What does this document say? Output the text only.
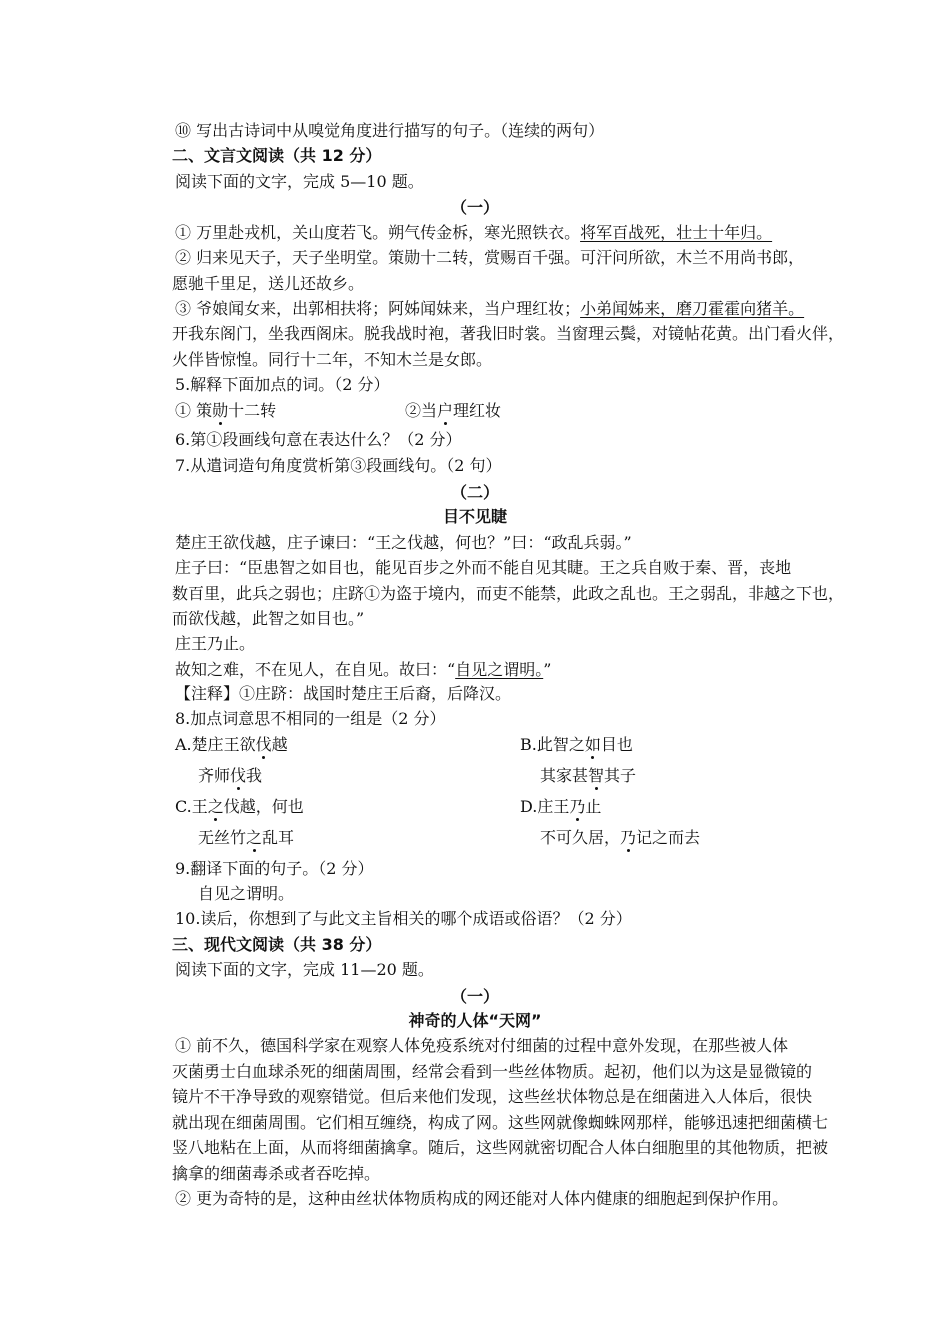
⑩ 写出古诗词中从嗅觉角度进行描写的句子。（连续的两句）
二、文言文阅读（共 12 分）
阅读下面的文字，完成 5—10 题。
（一）
① 万里赴戎机，关山度若飞。朔气传金柝，寒光照铁衣。将军百战死，壮士十年归。
② 归来见天子，天子坐明堂。策勋十二转，赏赐百千强。可汗问所欲，木兰不用尚书郎，
愿驰千里足，送儿还故乡。
③ 爷娘闻女来，出郭相扶将；阿姊闻妹来，当户理红妆；小弟闻姊来，磨刀霍霍向猪羊。
开我东阁门，坐我西阁床。脱我战时袍，著我旧时裳。当窗理云鬓，对镜帖花黄。出门看火伴，
火伴皆惊惶。同行十二年，不知木兰是女郎。
5.解释下面加点的词。（2 分）
① 策勋十二转	②当户理红妆
6.第①段画线句意在表达什么？（2 分）
7.从遣词造句角度赏析第③段画线句。（2 句）
（二）
目不见睫
楚庄王欲伐越，庄子谏曰：“王之伐越，何也？”曰：“政乱兵弱。”
庄子曰：“臣患智之如目也，能见百步之外而不能自见其睫。王之兵自败于秦、晋，丧地
数百里，此兵之弱也；庄跻①为盗于境内，而吏不能禁，此政之乱也。王之弱乱，非越之下也，
而欲伐越，此智之如目也。”
庄王乃止。
故知之难，不在见人，在自见。故曰：“自见之谓明。”
【注释】①庄跻：战国时楚庄王后裔，后降汉。
8.加点词意思不相同的一组是（2 分）
A.楚庄王欲伐越	B.此智之如目也
齐师伐我	其家甚智其子
C.王之伐越，何也	D.庄王乃止
无丝竹之乱耳	不可久居，乃记之而去
9.翻译下面的句子。（2 分）
自见之谓明。
10.读后，你想到了与此文主旨相关的哪个成语或俗语？（2 分）
三、现代文阅读（共 38 分）
阅读下面的文字，完成 11—20 题。
（一）
神奇的人体“天网”
① 前不久，德国科学家在观察人体免疫系统对付细菌的过程中意外发现，在那些被人体
灭菌勇士白血球杀死的细菌周围，经常会看到一些丝体物质。起初，他们以为这是显微镜的
镜片不干净导致的观察错觉。但后来他们发现，这些丝状体物总是在细菌进入人体后，很快
就出现在细菌周围。它们相互缠绕，构成了网。这些网就像蜘蛛网那样，能够迅速把细菌横七
竖八地粘在上面，从而将细菌擒拿。随后，这些网就密切配合人体白细胞里的其他物质，把被
擒拿的细菌毒杀或者吞吃掉。
② 更为奇特的是，这种由丝状体物质构成的网还能对人体内健康的细胞起到保护作用。
